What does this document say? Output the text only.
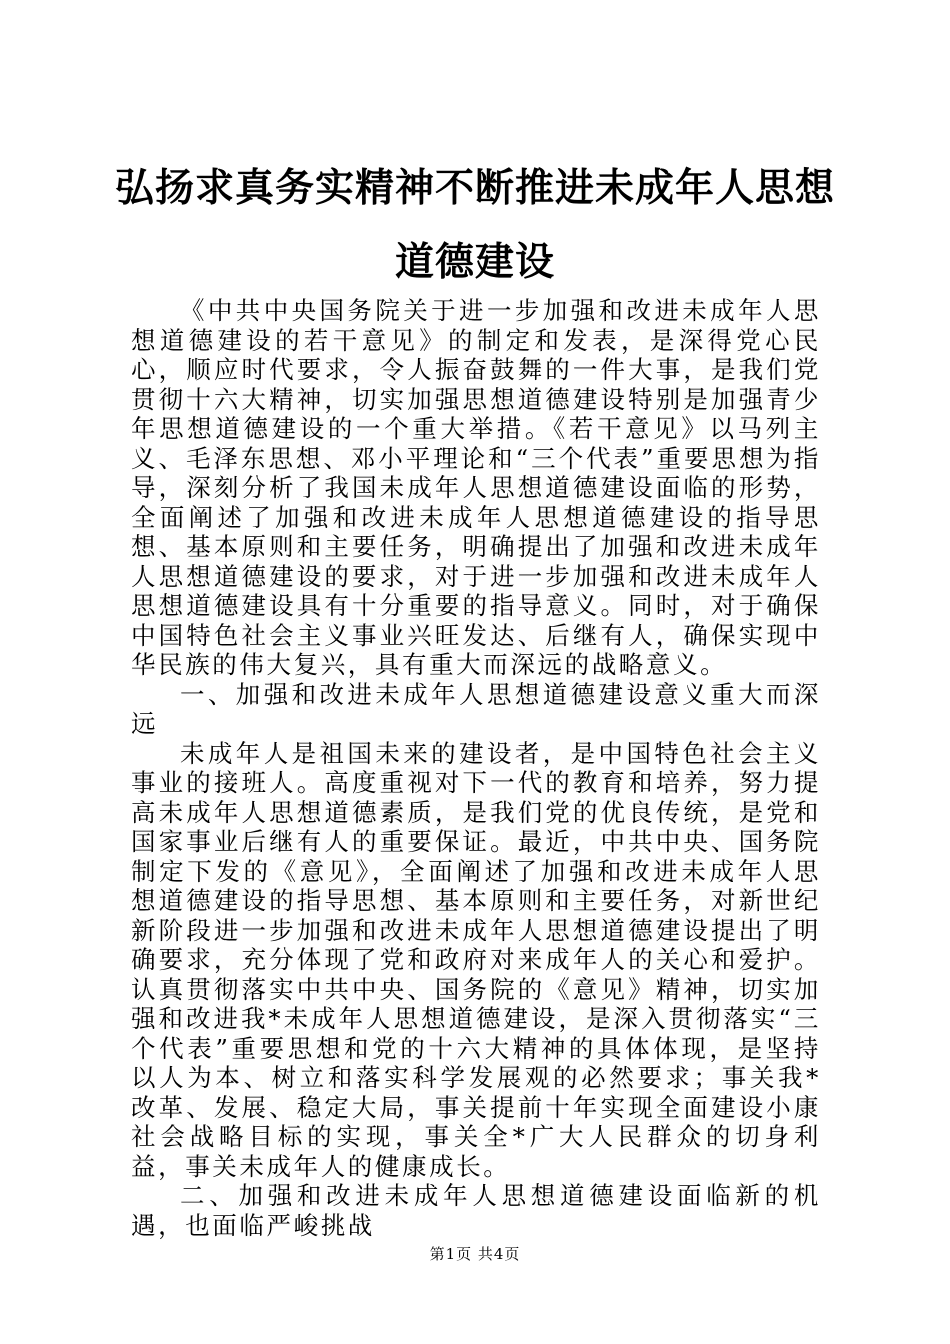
弘扬求真务实精神不断推进未成年人思想道德建设

《中共中央国务院关于进一步加强和改进未成年人思想道德建设的若干意见》的制定和发表，是深得党心民心，顺应时代要求，令人振奋鼓舞的一件大事，是我们党贯彻十六大精神，切实加强思想道德建设特别是加强青少年思想道德建设的一个重大举措。《若干意见》以马列主义、毛泽东思想、邓小平理论和“三个代表”重要思想为指导，深刻分析了我国未成年人思想道德建设面临的形势，全面阐述了加强和改进未成年人思想道德建设的指导思想、基本原则和主要任务，明确提出了加强和改进未成年人思想道德建设的要求，对于进一步加强和改进未成年人思想道德建设具有十分重要的指导意义。同时，对于确保中国特色社会主义事业兴旺发达、后继有人，确保实现中华民族的伟大复兴，具有重大而深远的战略意义。

一、加强和改进未成年人思想道德建设意义重大而深远

未成年人是祖国未来的建设者，是中国特色社会主义事业的接班人。高度重视对下一代的教育和培养，努力提高未成年人思想道德素质，是我们党的优良传统，是党和国家事业后继有人的重要保证。最近，中共中央、国务院制定下发的《意见》，全面阐述了加强和改进未成年人思想道德建设的指导思想、基本原则和主要任务，对新世纪新阶段进一步加强和改进未成年人思想道德建设提出了明确要求，充分体现了党和政府对来成年人的关心和爱护。认真贯彻落实中共中央、国务院的《意见》精神，切实加强和改进我*未成年人思想道德建设，是深入贯彻落实“三个代表”重要思想和党的十六大精神的具体体现，是坚持以人为本、树立和落实科学发展观的必然要求；事关我*改革、发展、稳定大局，事关提前十年实现全面建设小康社会战略目标的实现，事关全*广大人民群众的切身利益，事关未成年人的健康成长。

二、加强和改进未成年人思想道德建设面临新的机遇，也面临严峻挑战

第1页 共4页
